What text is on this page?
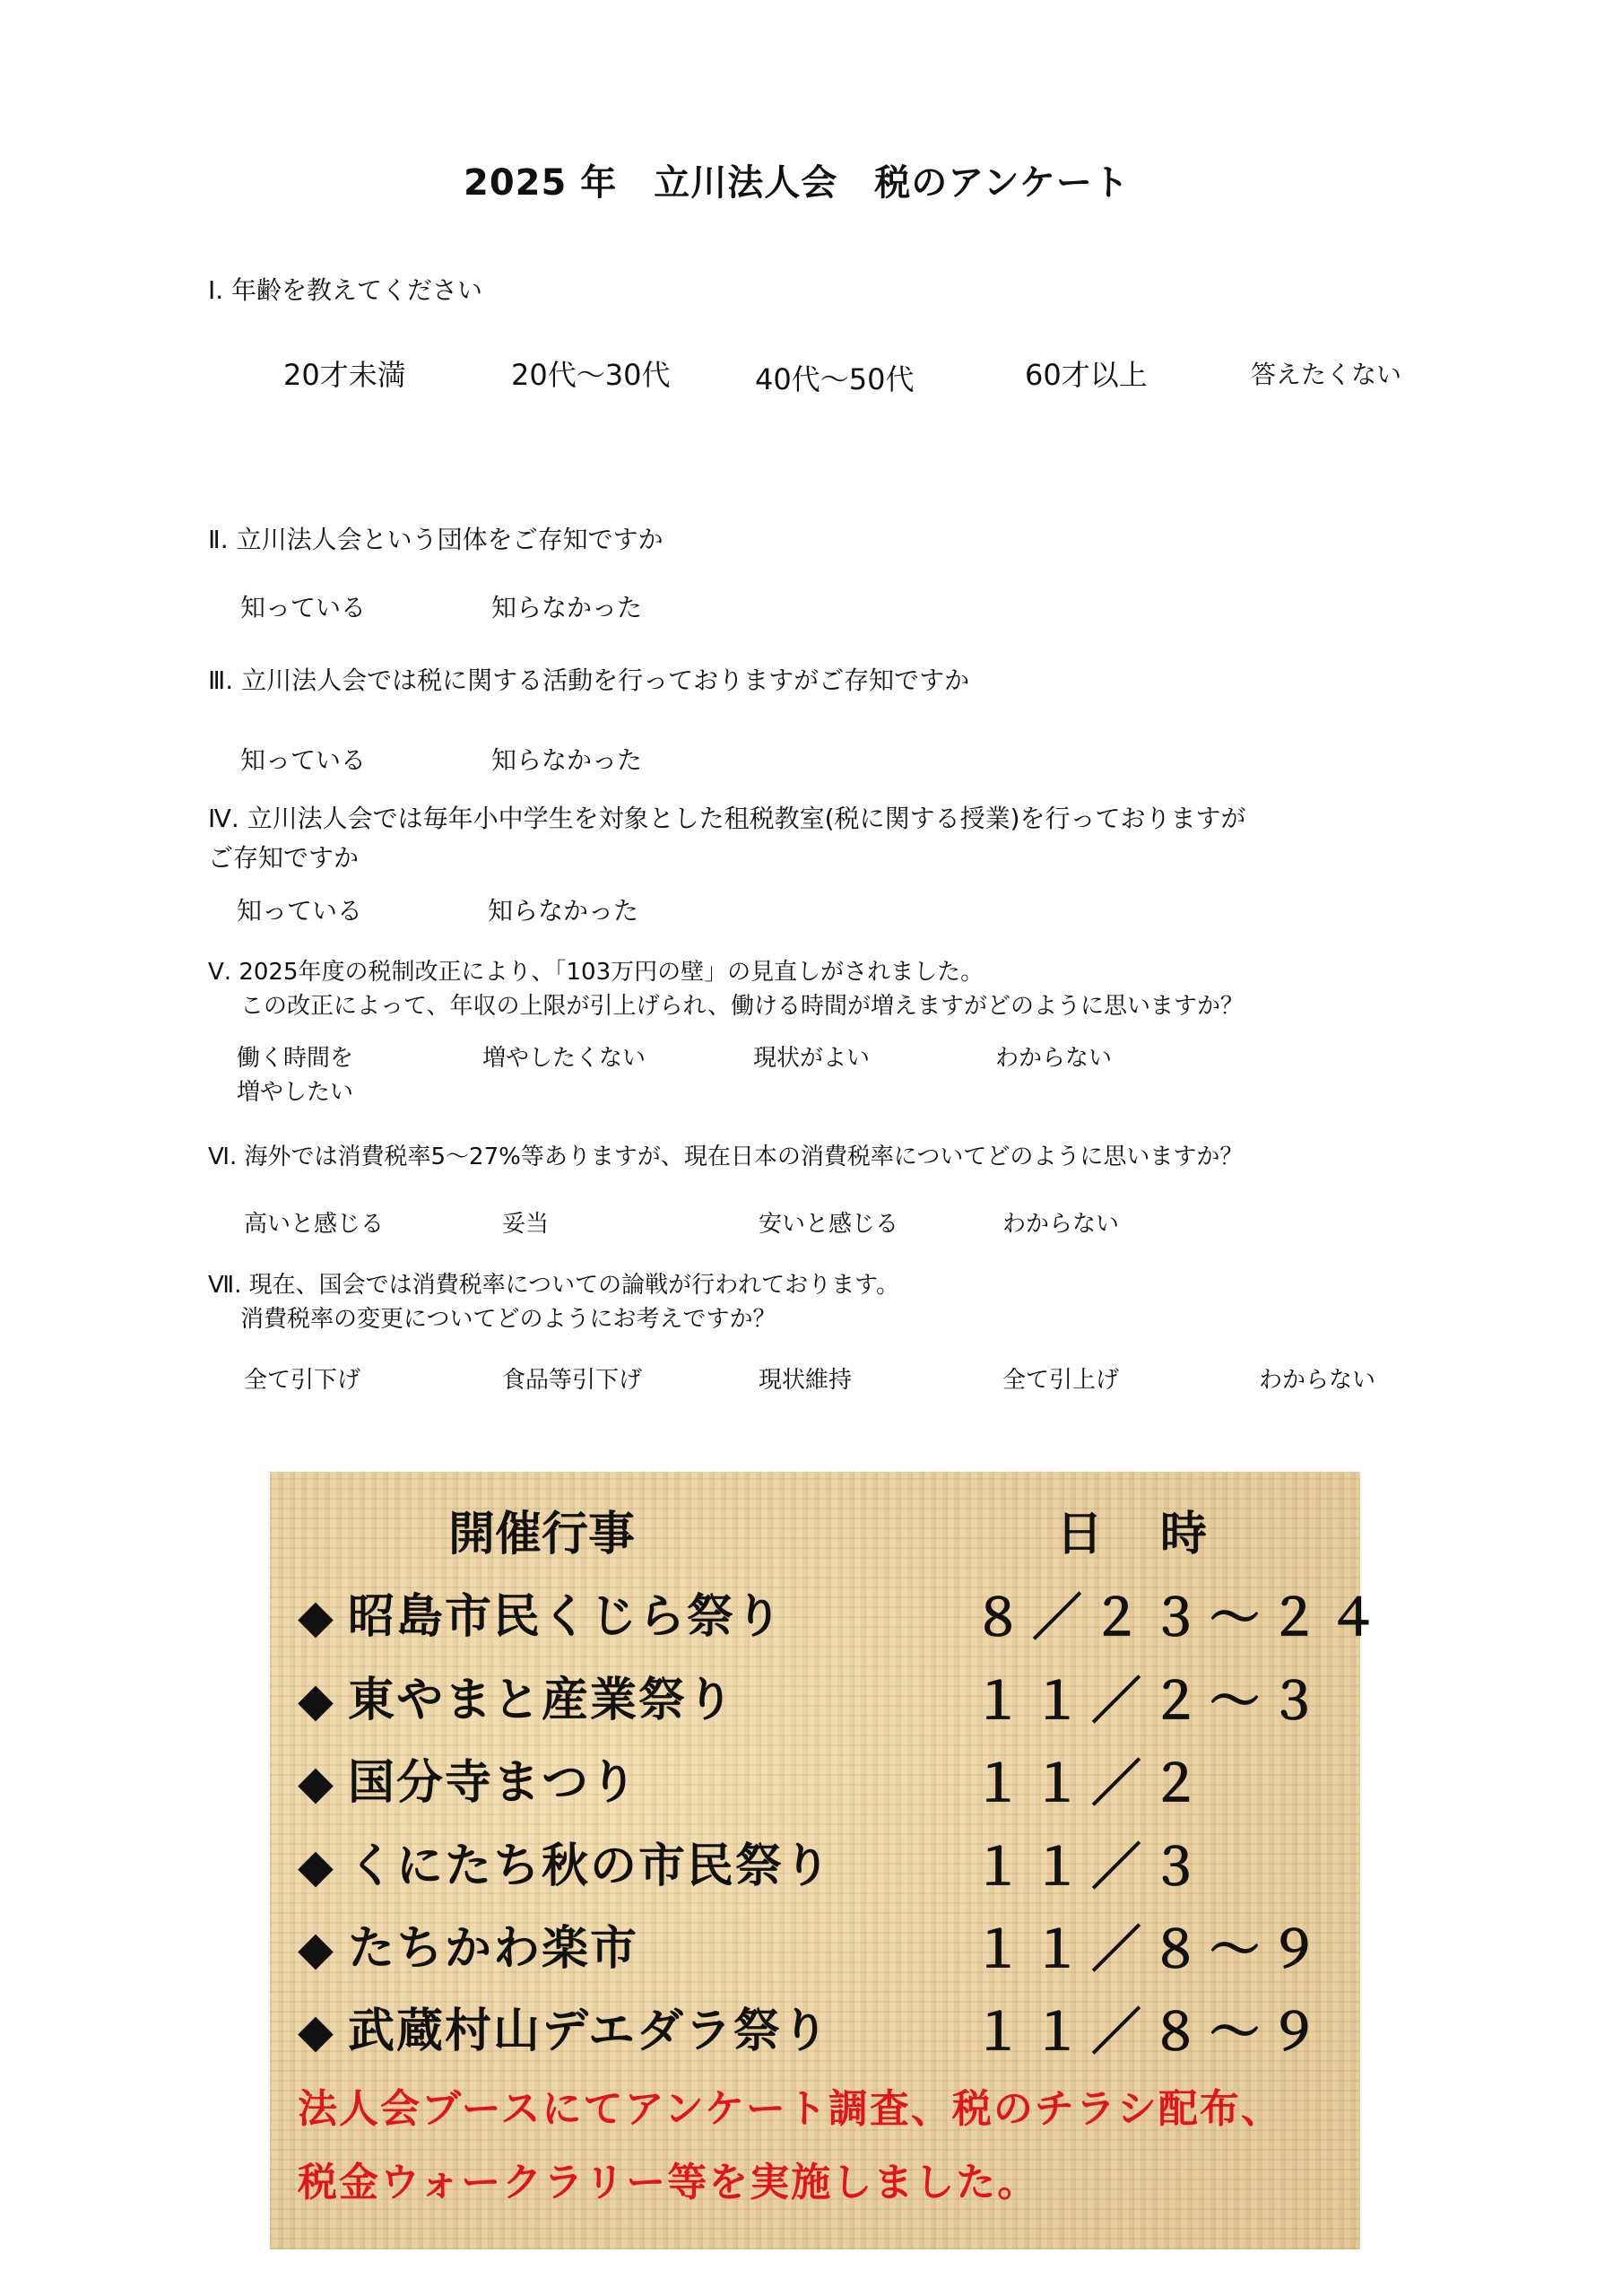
2025 年　立川法人会　税のアンケート
Ⅰ. 年齢を教えてください
20才未満	20代～30代	40代～50代	60才以上	答えたくない
Ⅱ. 立川法人会という団体をご存知ですか
知っている	知らなかった
Ⅲ. 立川法人会では税に関する活動を行っておりますがご存知ですか
知っている	知らなかった
Ⅳ. 立川法人会では毎年小中学生を対象とした租税教室(税に関する授業)を行っておりますが
ご存知ですか
知っている	知らなかった
Ⅴ. 2025年度の税制改正により、「103万円の壁」の見直しがされました。
この改正によって、年収の上限が引上げられ、働ける時間が増えますがどのように思いますか？
働く時間を
増やしたい
増やしたくない	現状がよい	わからない
Ⅵ. 海外では消費税率5～27%等ありますが、現在日本の消費税率についてどのように思いますか？
高いと感じる	妥当	安いと感じる	わからない
Ⅶ. 現在、国会では消費税率についての論戦が行われております。
消費税率の変更についてどのようにお考えですか？
全て引下げ	食品等引下げ	現状維持	全て引上げ	わからない
開催行事	日　時
◆ 昭島市民くじら祭り	８／２３～２４
◆ 東やまと産業祭り	１１／２～３
◆ 国分寺まつり	１１／２
◆ くにたち秋の市民祭り	１１／３
◆ たちかわ楽市	１１／８～９
◆ 武蔵村山デエダラ祭り	１１／８～９
法人会ブースにてアンケート調査、税のチラシ配布、
税金ウォークラリー等を実施しました。
